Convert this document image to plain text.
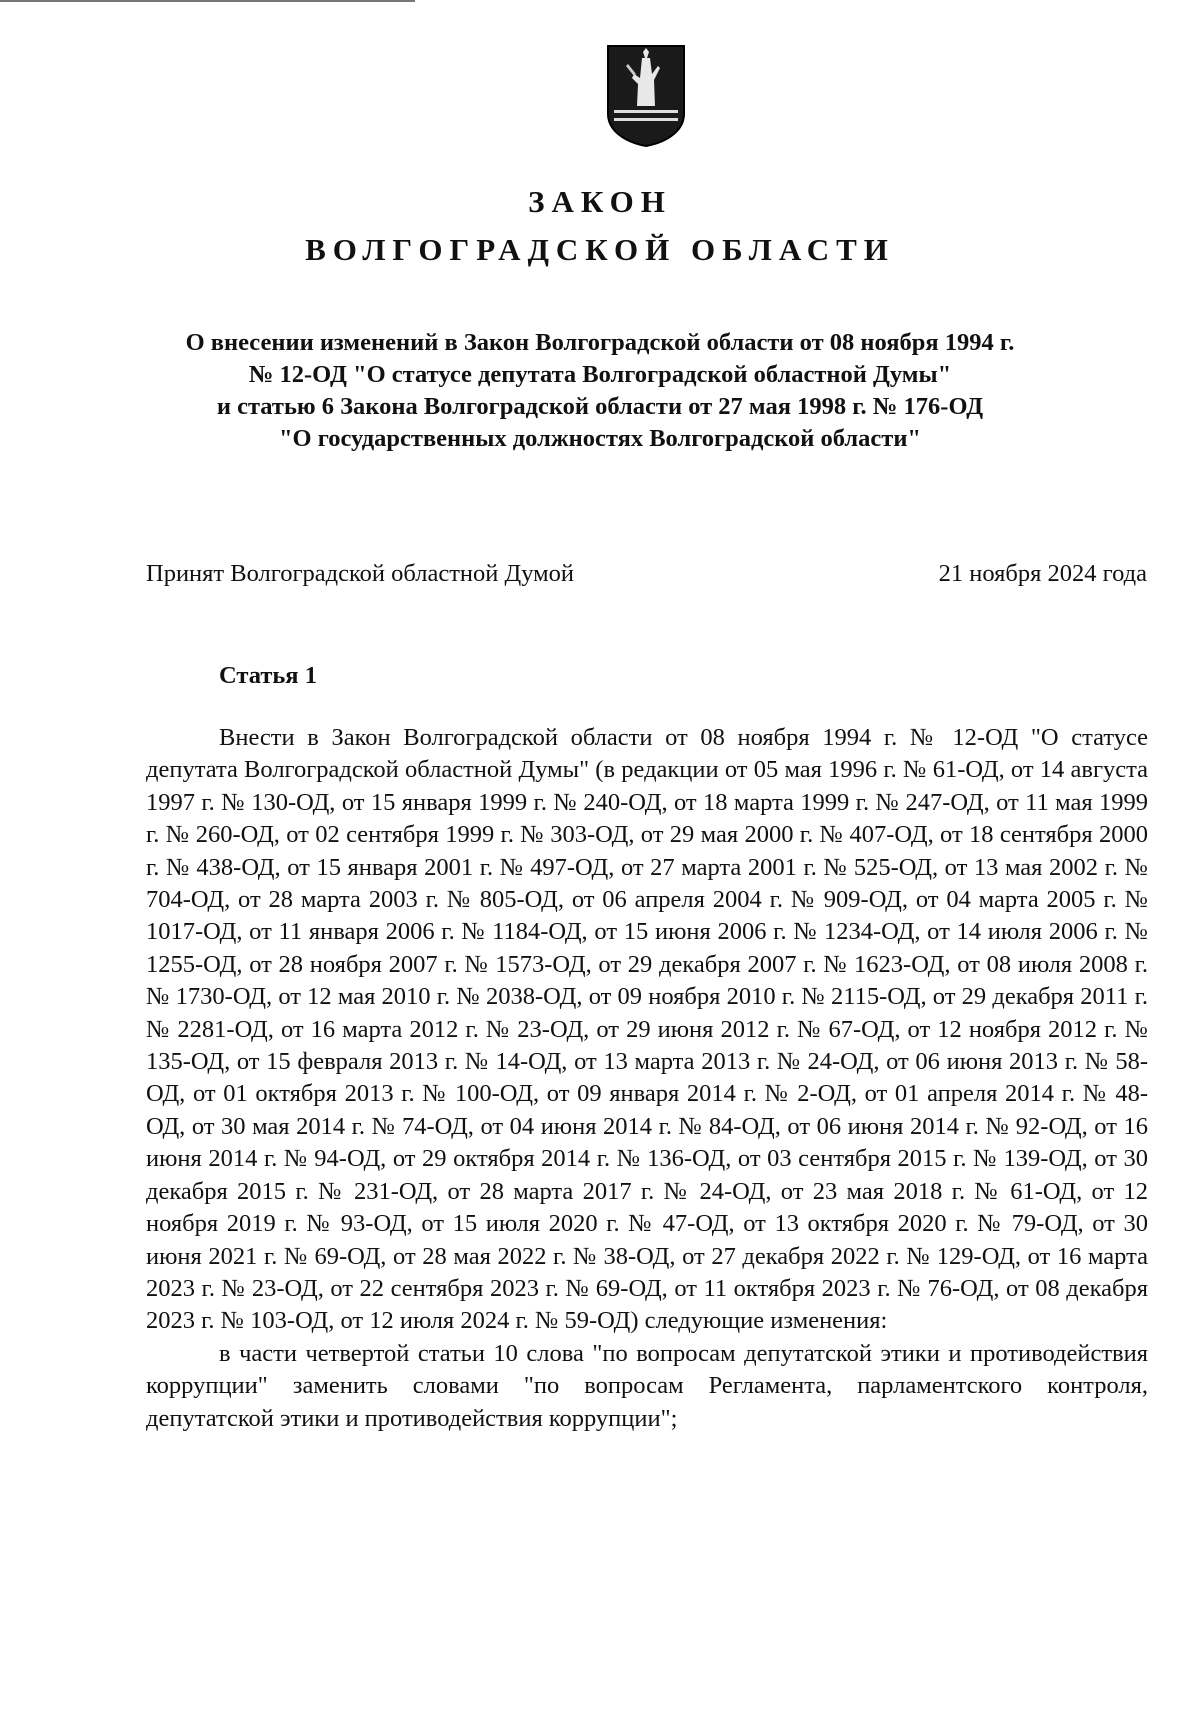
ЗАКОН
ВОЛГОГРАДСКОЙ ОБЛАСТИ
О внесении изменений в Закон Волгоградской области от 08 ноября 1994 г.
№ 12-ОД "О статусе депутата Волгоградской областной Думы"
и статью 6 Закона Волгоградской области от 27 мая 1998 г. № 176-ОД
"О государственных должностях Волгоградской области"
Принят Волгоградской областной Думой	21 ноября 2024 года
Статья 1

Внести в Закон Волгоградской области от 08 ноября 1994 г. № 12-ОД "О статусе депутата Волгоградской областной Думы" (в редакции от 05 мая 1996 г. № 61-ОД, от 14 августа 1997 г. № 130-ОД, от 15 января 1999 г. № 240-ОД, от 18 марта 1999 г. № 247-ОД, от 11 мая 1999 г. № 260-ОД, от 02 сентября 1999 г. № 303-ОД, от 29 мая 2000 г. № 407-ОД, от 18 сентября 2000 г. № 438-ОД, от 15 января 2001 г. № 497-ОД, от 27 марта 2001 г. № 525-ОД, от 13 мая 2002 г. № 704-ОД, от 28 марта 2003 г. № 805-ОД, от 06 апреля 2004 г. № 909-ОД, от 04 марта 2005 г. № 1017-ОД, от 11 января 2006 г. № 1184-ОД, от 15 июня 2006 г. № 1234-ОД, от 14 июля 2006 г. № 1255-ОД, от 28 ноября 2007 г. № 1573-ОД, от 29 декабря 2007 г. № 1623-ОД, от 08 июля 2008 г. № 1730-ОД, от 12 мая 2010 г. № 2038-ОД, от 09 ноября 2010 г. № 2115-ОД, от 29 декабря 2011 г. № 2281-ОД, от 16 марта 2012 г. № 23-ОД, от 29 июня 2012 г. № 67-ОД, от 12 ноября 2012 г. № 135-ОД, от 15 февраля 2013 г. № 14-ОД, от 13 марта 2013 г. № 24-ОД, от 06 июня 2013 г. № 58-ОД, от 01 октября 2013 г. № 100-ОД, от 09 января 2014 г. № 2-ОД, от 01 апреля 2014 г. № 48-ОД, от 30 мая 2014 г. № 74-ОД, от 04 июня 2014 г. № 84-ОД, от 06 июня 2014 г. № 92-ОД, от 16 июня 2014 г. № 94-ОД, от 29 октября 2014 г. № 136-ОД, от 03 сентября 2015 г. № 139-ОД, от 30 декабря 2015 г. № 231-ОД, от 28 марта 2017 г. № 24-ОД, от 23 мая 2018 г. № 61-ОД, от 12 ноября 2019 г. № 93-ОД, от 15 июля 2020 г. № 47-ОД, от 13 октября 2020 г. № 79-ОД, от 30 июня 2021 г. № 69-ОД, от 28 мая 2022 г. № 38-ОД, от 27 декабря 2022 г. № 129-ОД, от 16 марта 2023 г. № 23-ОД, от 22 сентября 2023 г. № 69-ОД, от 11 октября 2023 г. № 76-ОД, от 08 декабря 2023 г. № 103-ОД, от 12 июля 2024 г. № 59-ОД) следующие изменения:

в части четвертой статьи 10 слова "по вопросам депутатской этики и противодействия коррупции" заменить словами "по вопросам Регламента, парламентского контроля, депутатской этики и противодействия коррупции";
